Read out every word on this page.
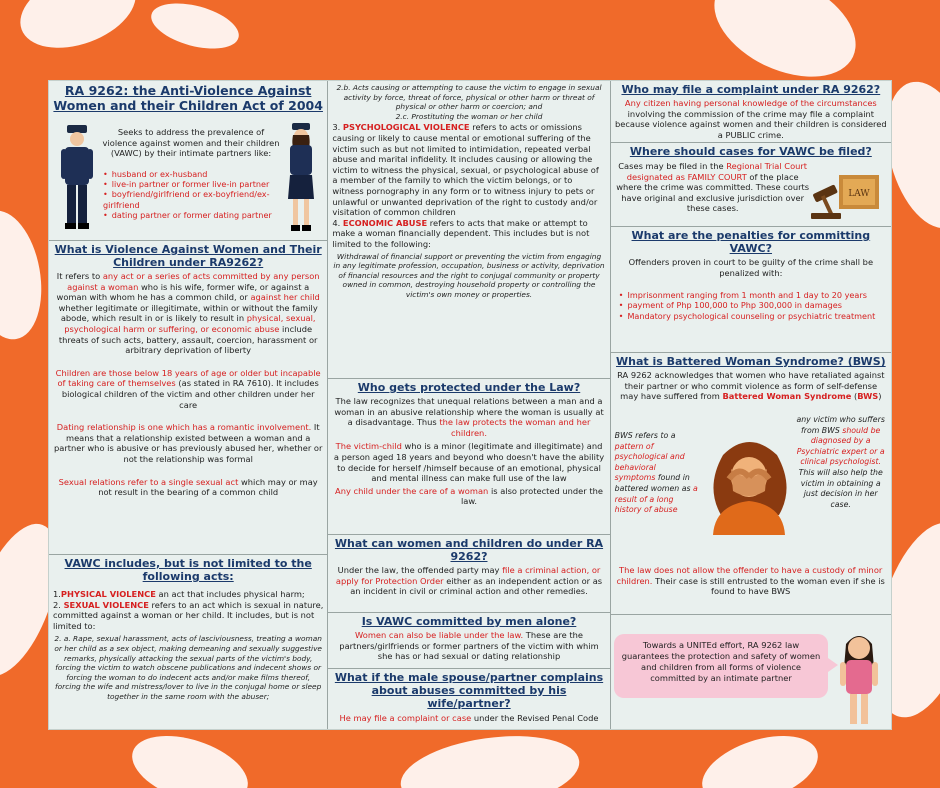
RA 9262: the Anti-Violence Against Women and their Children Act of 2004
Seeks to address the prevalence of violence against women and their children (VAWC) by their intimate partners like:
• husband or ex-husband
• live-in partner or former live-in partner
• boyfriend/girlfriend or ex-boyfriend/ex-girlfriend
• dating partner or former dating partner
What is Violence Against Women and Their Children under RA9262?
It refers to any act or a series of acts committed by any person against a woman who is his wife, former wife, or against a woman with whom he has a common child, or against her child whether legitimate or illegitimate, within or without the family abode, which result in or is likely to result in physical, sexual, psychological harm or suffering, or economic abuse include threats of such acts, battery, assault, coercion, harassment or arbitrary deprivation of liberty
Children are those below 18 years of age or older but incapable of taking care of themselves (as stated in RA 7610). It includes biological children of the victim and other children under her care
Dating relationship is one which has a romantic involvement. It means that a relationship existed between a woman and a partner who is abusive or has previously abused her, whether or not the relationship was formal
Sexual relations refer to a single sexual act which may or may not result in the bearing of a common child
VAWC includes, but is not limited to the following acts:
1.PHYSICAL VIOLENCE an act that includes physical harm;
2. SEXUAL VIOLENCE refers to an act which is sexual in nature, committed against a woman or her child. It includes, but is not limited to:
2. a. Rape, sexual harassment, acts of lasciviousness, treating a woman or her child as a sex object, making demeaning and sexually suggestive remarks, physically attacking the sexual parts of the victim's body, forcing the victim to watch obscene publications and indecent shows or forcing the woman to do indecent acts and/or make films thereof, forcing the wife and mistress/lover to live in the conjugal home or sleep together in the same room with the abuser;
2.b. Acts causing or attempting to cause the victim to engage in sexual activity by force, threat of force, physical or other harm or threat of physical or other harm or coercion; and
2.c. Prostituting the woman or her child
3. PSYCHOLOGICAL VIOLENCE refers to acts or omissions causing or likely to cause mental or emotional suffering of the victim such as but not limited to intimidation, repeated verbal abuse and marital infidelity. It includes causing or allowing the victim to witness the physical, sexual, or psychological abuse of a member of the family to which the victim belongs, or to witness pornography in any form or to witness injury to pets or unlawful or unwanted deprivation of the right to custody and/or visitation of common children
4. ECONOMIC ABUSE refers to acts that make or attempt to make a woman financially dependent. This includes but is not limited to the following:
Withdrawal of financial support or preventing the victim from engaging in any legitimate profession, occupation, business or activity, deprivation of financial resources and the right to conjugal community or property owned in common, destroying household property or controlling the victim's own money or properties.
Who gets protected under the Law?
The law recognizes that unequal relations between a man and a woman in an abusive relationship where the woman is usually at a disadvantage. Thus the law protects the woman and her children.
The victim-child who is a minor (legitimate and illegitimate) and a person aged 18 years and beyond who doesn't have the ability to decide for herself /himself because of an emotional, physical and mental illness can make full use of the law
Any child under the care of a woman is also protected under the law.
What can women and children do under RA 9262?
Under the law, the offended party may file a criminal action, or apply for Protection Order either as an independent action or as an incident in civil or criminal action and other remedies.
Is VAWC committed by men alone?
Women can also be liable under the law. These are the partners/girlfriends or former partners of the victim with whim she has or had sexual or dating relationship
What if the male spouse/partner complains about abuses committed by his wife/partner?
He may file a complaint or case under the Revised Penal Code
Who may file a complaint under RA 9262?
Any citizen having personal knowledge of the circumstances involving the commission of the crime may file a complaint because violence against women and their children is considered a PUBLIC crime.
Where should cases for VAWC be filed?
Cases may be filed in the Regional Trial Court designated as FAMILY COURT of the place where the crime was committed. These courts have original and exclusive jurisdiction over these cases.
LAW
What are the penalties for committing VAWC?
Offenders proven in court to be guilty of the crime shall be penalized with:
• Imprisonment ranging from 1 month and 1 day to 20 years
• payment of Php 100,000 to Php 300,000 in damages
• Mandatory psychological counseling or psychiatric treatment
What is Battered Woman Syndrome? (BWS)
RA 9262 acknowledges that women who have retaliated against their partner or who commit violence as form of self-defense may have suffered from Battered Woman Syndrome (BWS)
BWS refers to a pattern of psychological and behavioral symptoms found in battered women as a result of a long history of abuse
any victim who suffers from BWS should be diagnosed by a Psychiatric expert or a clinical psychologist. This will also help the victim in obtaining a just decision in her case.
The law does not allow the offender to have a custody of minor children. Their case is still entrusted to the woman even if she is found to have BWS
Towards a UNITEd effort, RA 9262 law guarantees the protection and safety of women and children from all forms of violence committed by an intimate partner
